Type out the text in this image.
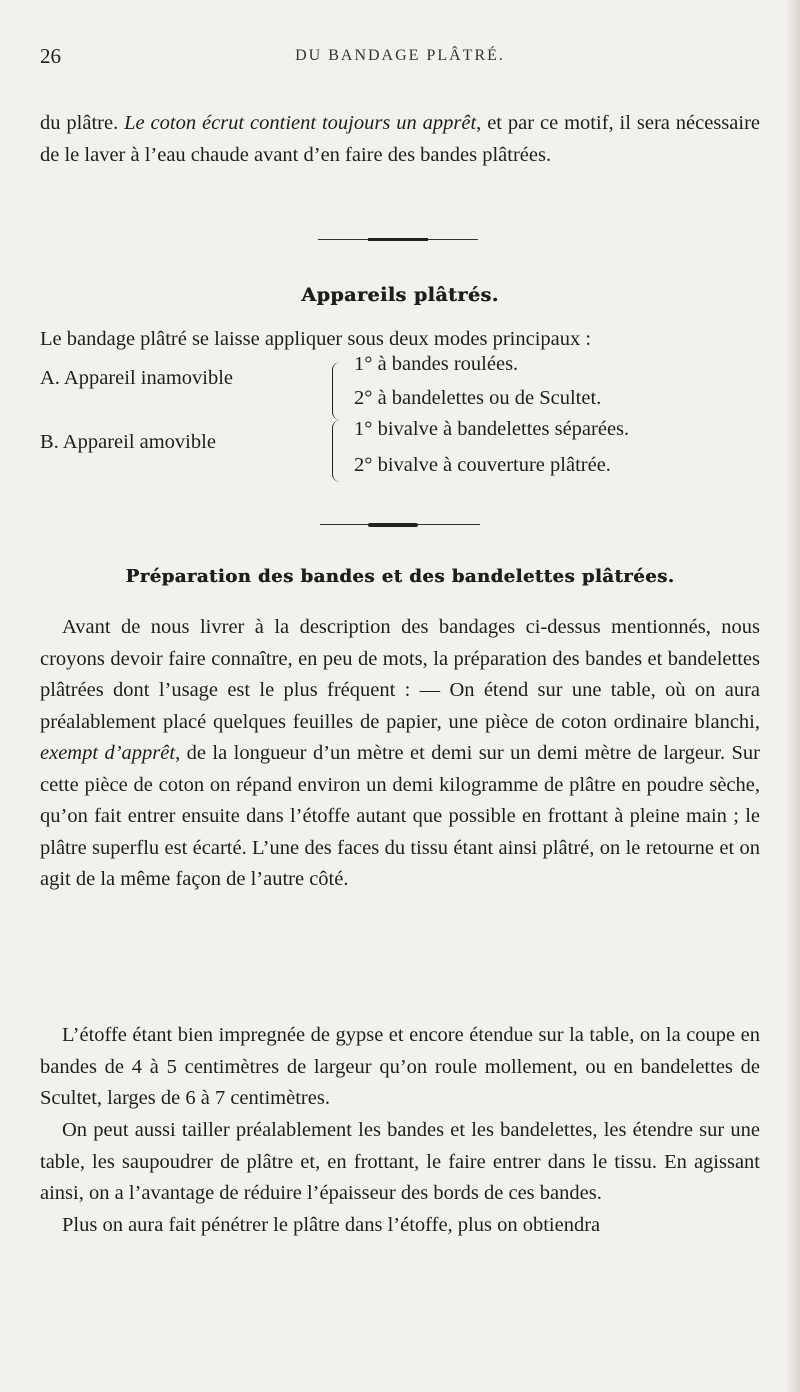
26	DU BANDAGE PLÂTRÉ.

du plâtre. Le coton écrut contient toujours un apprêt, et par ce motif, il sera nécessaire de le laver à l’eau chaude avant d’en faire des bandes plâtrées.

Appareils plâtrés.

Le bandage plâtré se laisse appliquer sous deux modes principaux :

A. Appareil inamovible
1° à bandes roulées.
2° à bandelettes ou de Scultet.
B. Appareil amovible
1° bivalve à bandelettes séparées.
2° bivalve à couverture plâtrée.
Préparation des bandes et des bandelettes plâtrées.

Avant de nous livrer à la description des bandages ci-dessus mentionnés, nous croyons devoir faire connaître, en peu de mots, la préparation des bandes et bandelettes plâtrées dont l’usage est le plus fréquent : — On étend sur une table, où on aura préalablement placé quelques feuilles de papier, une pièce de coton ordinaire blanchi, exempt d’apprêt, de la longueur d’un mètre et demi sur un demi mètre de largeur. Sur cette pièce de coton on répand environ un demi kilogramme de plâtre en poudre sèche, qu’on fait entrer ensuite dans l’étoffe autant que possible en frottant à pleine main ; le plâtre superflu est écarté. L’une des faces du tissu étant ainsi plâtré, on le retourne et on agit de la même façon de l’autre côté.

L’étoffe étant bien impregnée de gypse et encore étendue sur la table, on la coupe en bandes de 4 à 5 centimètres de largeur qu’on roule mollement, ou en bandelettes de Scultet, larges de 6 à 7 centimètres.

On peut aussi tailler préalablement les bandes et les bandelettes, les étendre sur une table, les saupoudrer de plâtre et, en frottant, le faire entrer dans le tissu. En agissant ainsi, on a l’avantage de réduire l’épaisseur des bords de ces bandes.

Plus on aura fait pénétrer le plâtre dans l’étoffe, plus on obtiendra
